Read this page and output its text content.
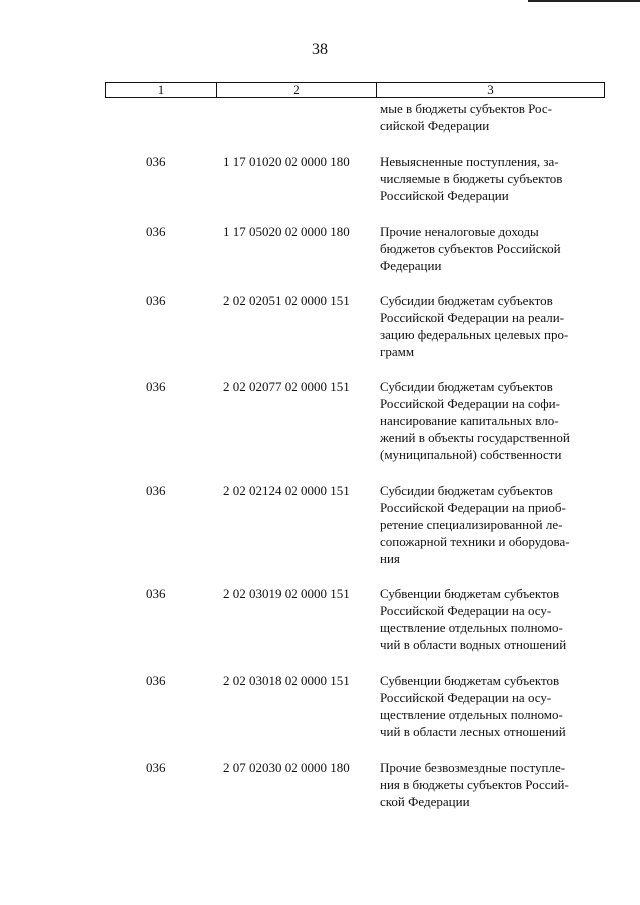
38
1	2	3
мые в бюджеты субъектов Рос-
сийской Федерации
036	1 17 01020 02 0000 180 Невыясненные поступления, за-
числяемые в бюджеты субъектов
Российской Федерации
036	1 17 05020 02 0000 180 Прочие неналоговые доходы
бюджетов субъектов Российской
Федерации
036	2 02 02051 02 0000 151 Субсидии бюджетам субъектов
Российской Федерации на реали-
зацию федеральных целевых про-
грамм
036	2 02 02077 02 0000 151 Субсидии бюджетам субъектов
Российской Федерации на софи-
нансирование капитальных вло-
жений в объекты государственной
(муниципальной) собственности
036	2 02 02124 02 0000 151 Субсидии бюджетам субъектов
Российской Федерации на приоб-
ретение специализированной ле-
сопожарной техники и оборудова-
ния
036	2 02 03019 02 0000 151 Субвенции бюджетам субъектов
Российской Федерации на осу-
ществление отдельных полномо-
чий в области водных отношений
036	2 02 03018 02 0000 151 Субвенции бюджетам субъектов
Российской Федерации на осу-
ществление отдельных полномо-
чий в области лесных отношений
036	2 07 02030 02 0000 180 Прочие безвозмездные поступле-
ния в бюджеты субъектов Россий-
ской Федерации
